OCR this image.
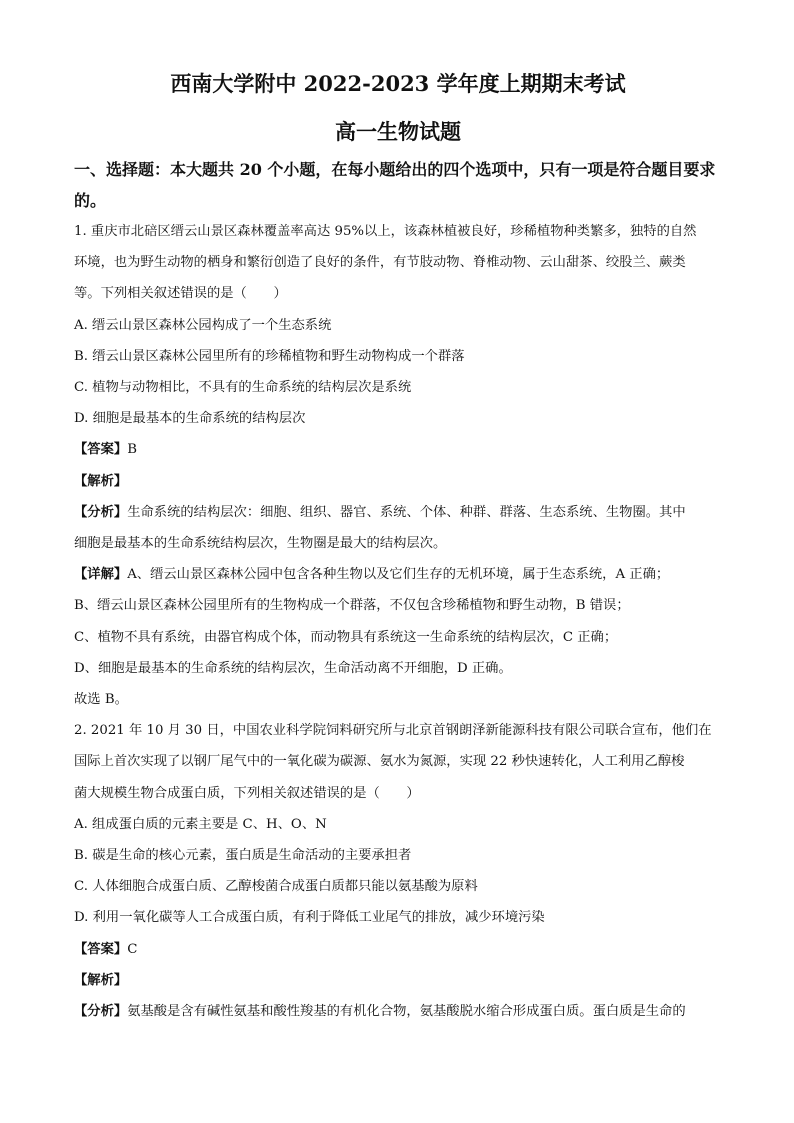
西南大学附中 2022-2023 学年度上期期末考试
高一生物试题

一、选择题：本大题共 20 个小题，在每小题给出的四个选项中，只有一项是符合题目要求

的。

1. 重庆市北碚区缙云山景区森林覆盖率高达 95%以上，该森林植被良好，珍稀植物种类繁多，独特的自然

环境，也为野生动物的栖身和繁衍创造了良好的条件，有节肢动物、脊椎动物、云山甜茶、绞股兰、蕨类

等。下列相关叙述错误的是（　　）

A. 缙云山景区森林公园构成了一个生态系统

B. 缙云山景区森林公园里所有的珍稀植物和野生动物构成一个群落

C. 植物与动物相比，不具有的生命系统的结构层次是系统

D. 细胞是最基本的生命系统的结构层次

【答案】B

【解析】

【分析】生命系统的结构层次：细胞、组织、器官、系统、个体、种群、群落、生态系统、生物圈。其中

细胞是最基本的生命系统结构层次，生物圈是最大的结构层次。

【详解】A、缙云山景区森林公园中包含各种生物以及它们生存的无机环境，属于生态系统，A 正确；

B、缙云山景区森林公园里所有的生物构成一个群落，不仅包含珍稀植物和野生动物，B 错误；

C、植物不具有系统，由器官构成个体，而动物具有系统这一生命系统的结构层次，C 正确；

D、细胞是最基本的生命系统的结构层次，生命活动离不开细胞，D 正确。

故选 B。

2. 2021 年 10 月 30 日，中国农业科学院饲料研究所与北京首钢朗泽新能源科技有限公司联合宣布，他们在

国际上首次实现了以钢厂尾气中的一氧化碳为碳源、氨水为氮源，实现 22 秒快速转化，人工利用乙醇梭

菌大规模生物合成蛋白质，下列相关叙述错误的是（　　）

A. 组成蛋白质的元素主要是 C、H、O、N

B. 碳是生命的核心元素，蛋白质是生命活动的主要承担者

C. 人体细胞合成蛋白质、乙醇梭菌合成蛋白质都只能以氨基酸为原料

D. 利用一氧化碳等人工合成蛋白质，有利于降低工业尾气的排放，减少环境污染

【答案】C

【解析】

【分析】氨基酸是含有碱性氨基和酸性羧基的有机化合物，氨基酸脱水缩合形成蛋白质。蛋白质是生命的
